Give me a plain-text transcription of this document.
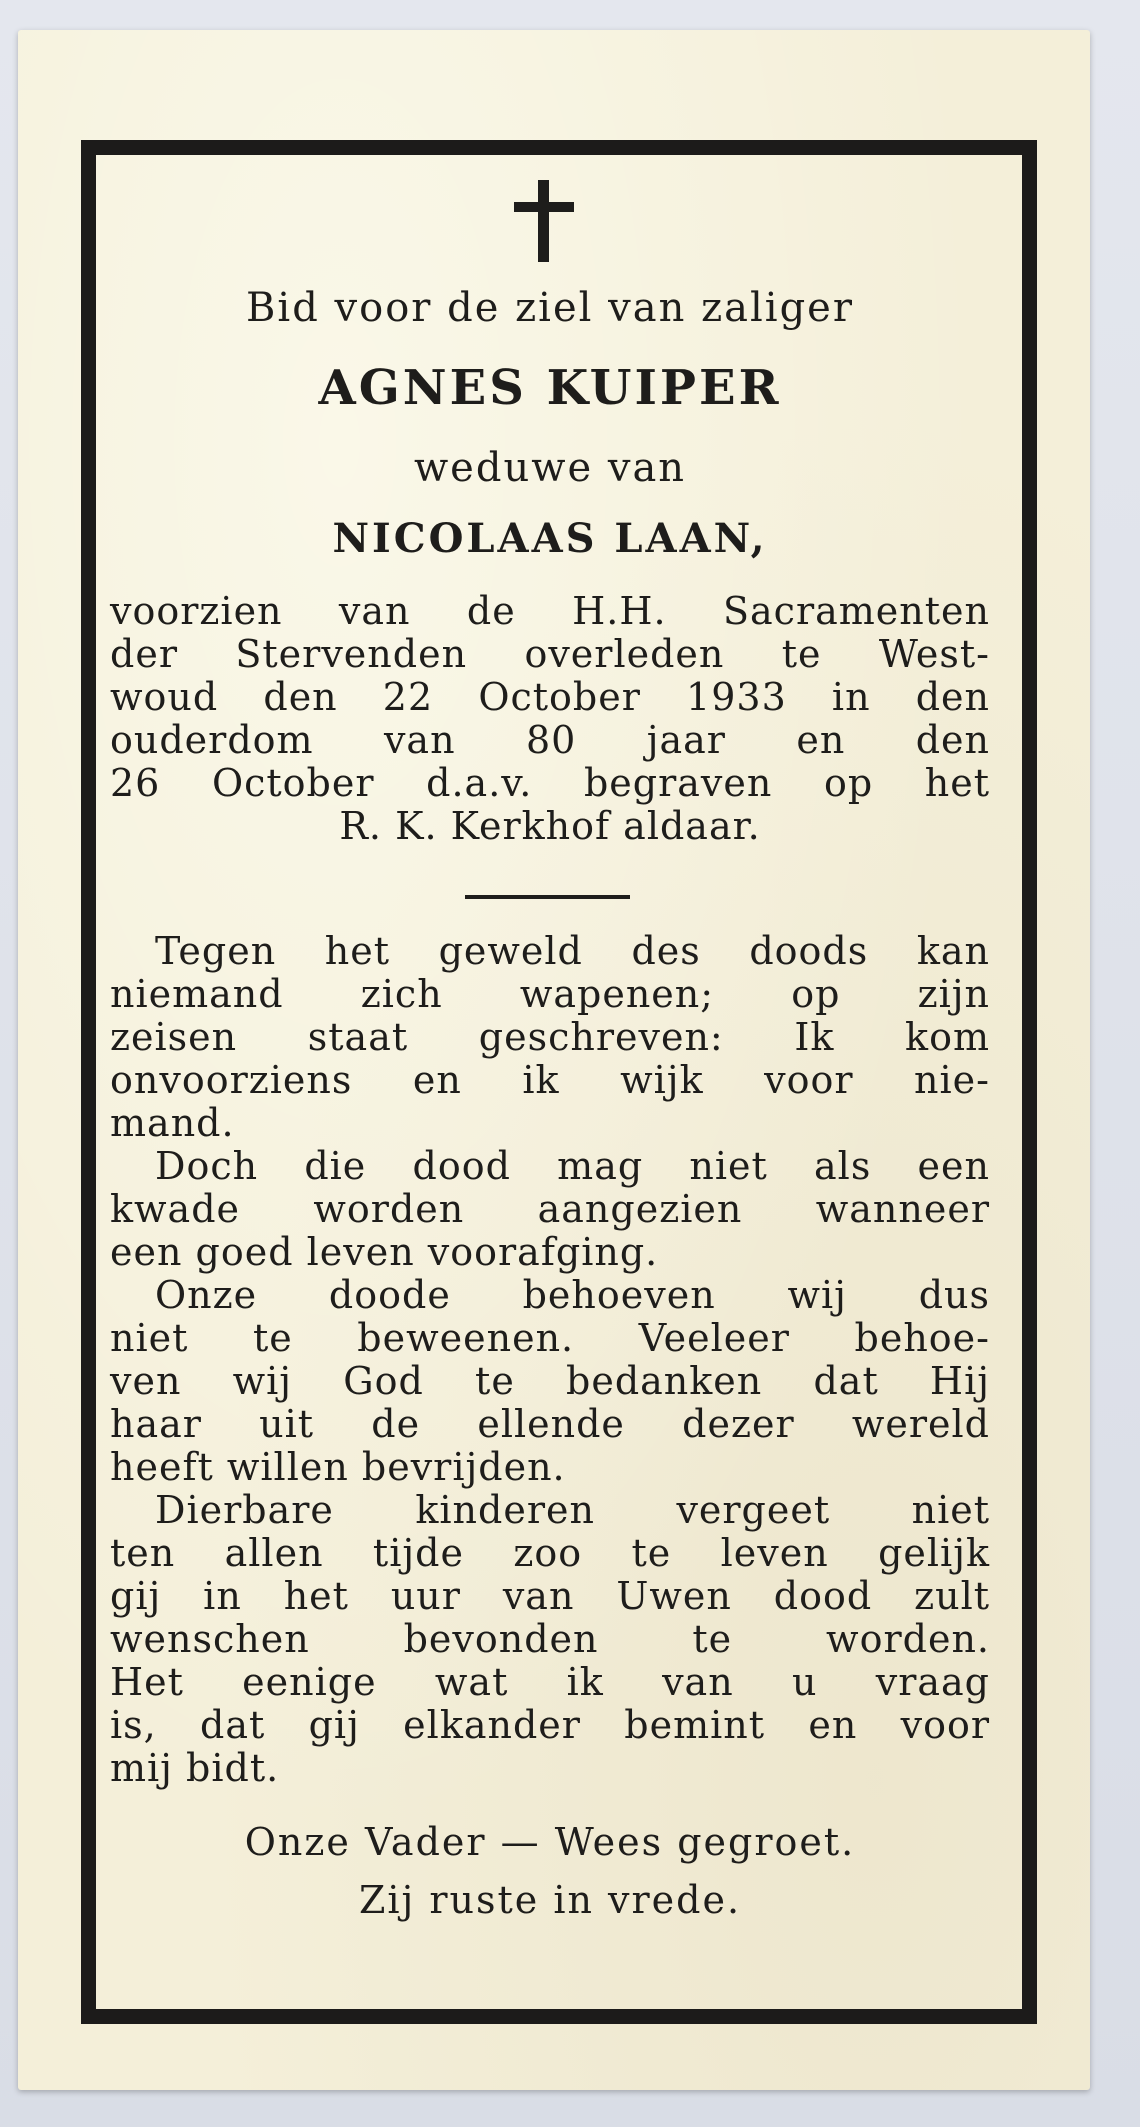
Bid voor de ziel van zaliger
AGNES KUIPER
weduwe van
NICOLAAS LAAN,
voorzien van de H.H. Sacramenten
der Stervenden overleden te West-
woud den 22 October 1933 in den
ouderdom van 80 jaar en den
26 October d.a.v. begraven op het
R. K. Kerkhof aldaar.
Tegen het geweld des doods kan
niemand zich wapenen; op zijn
zeisen staat geschreven: Ik kom
onvoorziens en ik wijk voor nie-
mand.
Doch die dood mag niet als een
kwade worden aangezien wanneer
een goed leven voorafging.
Onze doode behoeven wij dus
niet te beweenen. Veeleer behoe-
ven wij God te bedanken dat Hij
haar uit de ellende dezer wereld
heeft willen bevrijden.
Dierbare kinderen vergeet niet
ten allen tijde zoo te leven gelijk
gij in het uur van Uwen dood zult
wenschen bevonden te worden.
Het eenige wat ik van u vraag
is, dat gij elkander bemint en voor
mij bidt.
Onze Vader — Wees gegroet.
Zij ruste in vrede.
